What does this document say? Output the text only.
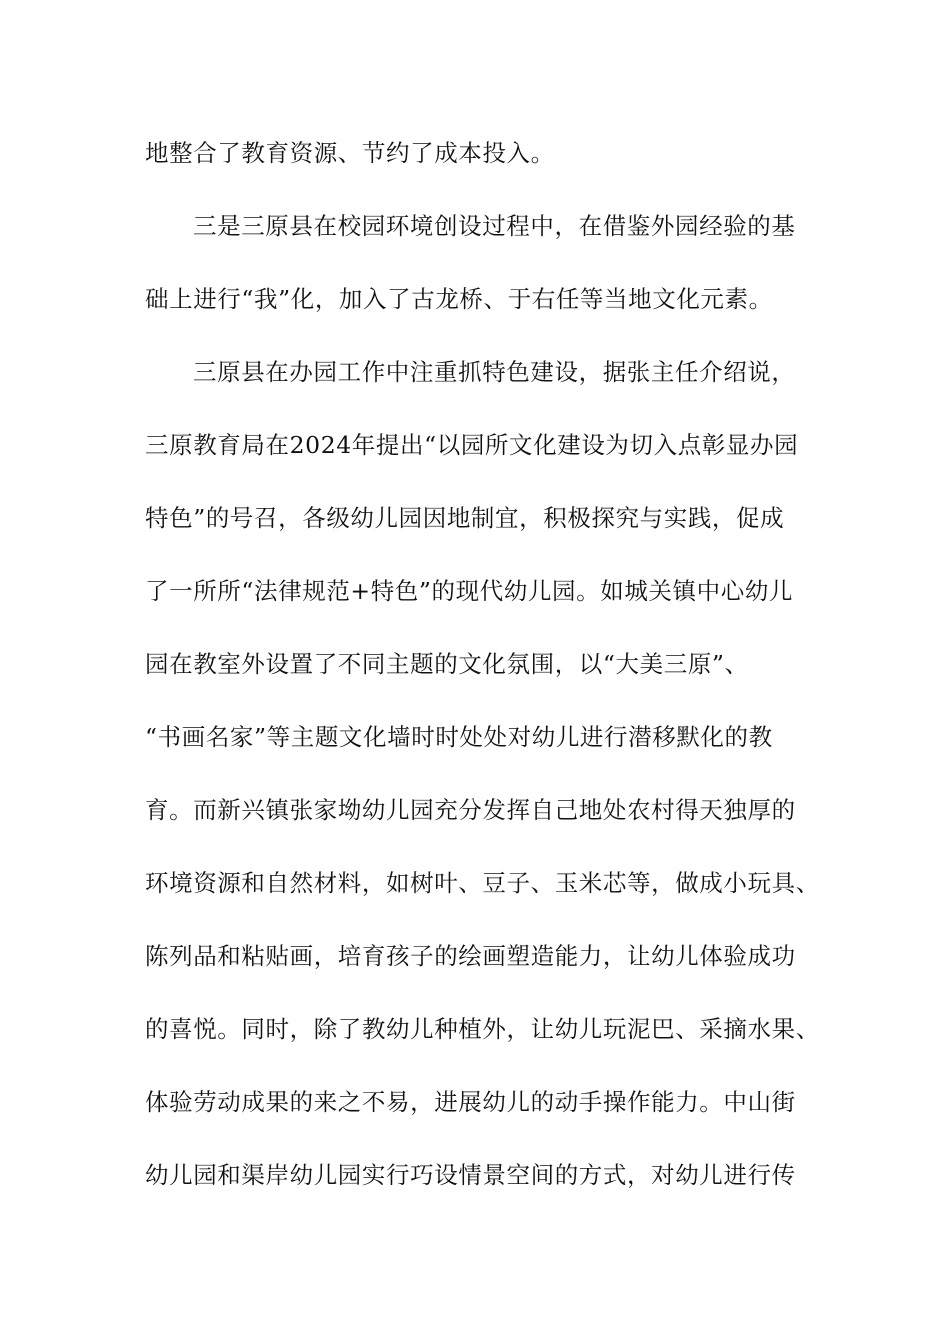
地整合了教育资源、节约了成本投入。
三是三原县在校园环境创设过程中，在借鉴外园经验的基
础上进行“我”化，加入了古龙桥、于右任等当地文化元素。
三原县在办园工作中注重抓特色建设，据张主任介绍说，
三原教育局在2024年提出“以园所文化建设为切入点彰显办园
特色”的号召，各级幼儿园因地制宜，积极探究与实践，促成
了一所所“法律规范+特色”的现代幼儿园。如城关镇中心幼儿
园在教室外设置了不同主题的文化氛围，以“大美三原”、
“书画名家”等主题文化墙时时处处对幼儿进行潜移默化的教
育。而新兴镇张家坳幼儿园充分发挥自己地处农村得天独厚的
环境资源和自然材料，如树叶、豆子、玉米芯等，做成小玩具、
陈列品和粘贴画，培育孩子的绘画塑造能力，让幼儿体验成功
的喜悦。同时，除了教幼儿种植外，让幼儿玩泥巴、采摘水果、
体验劳动成果的来之不易，进展幼儿的动手操作能力。中山街
幼儿园和渠岸幼儿园实行巧设情景空间的方式，对幼儿进行传
